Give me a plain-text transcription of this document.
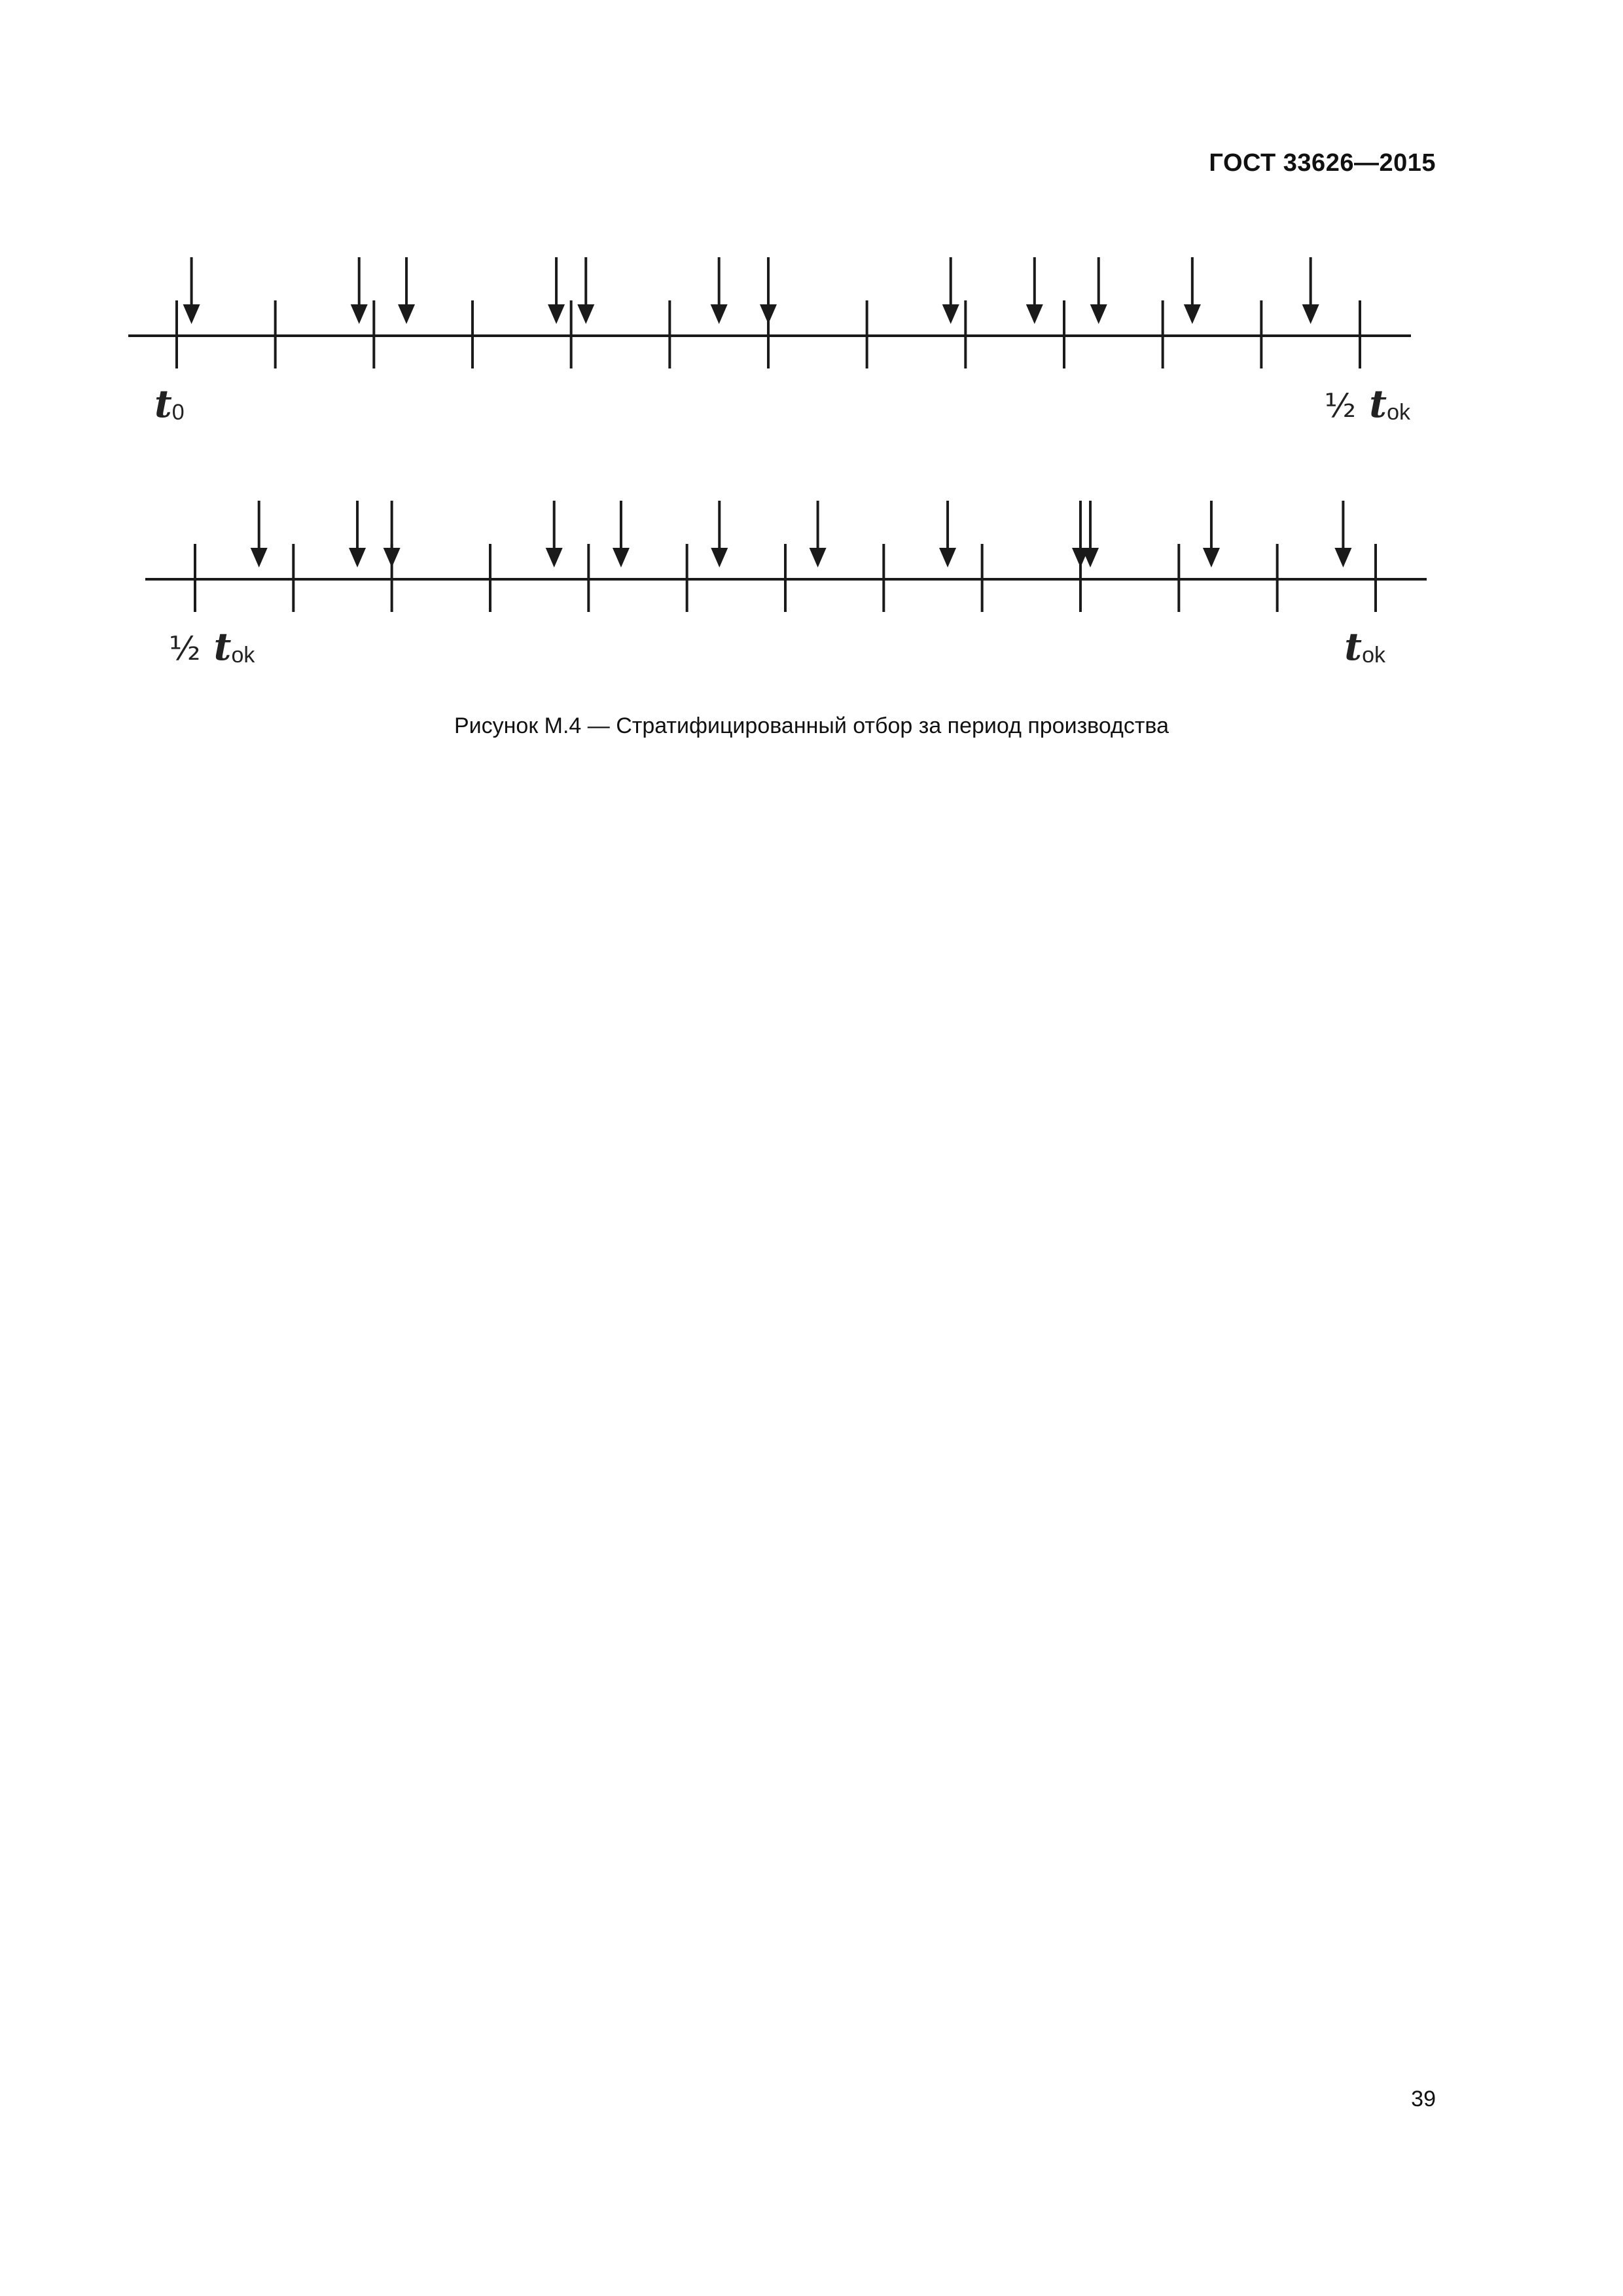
ГОСТ 33626—2015
t0	½ tok
½ tok	tok
Рисунок М.4 — Стратифицированный отбор за период производства
39
